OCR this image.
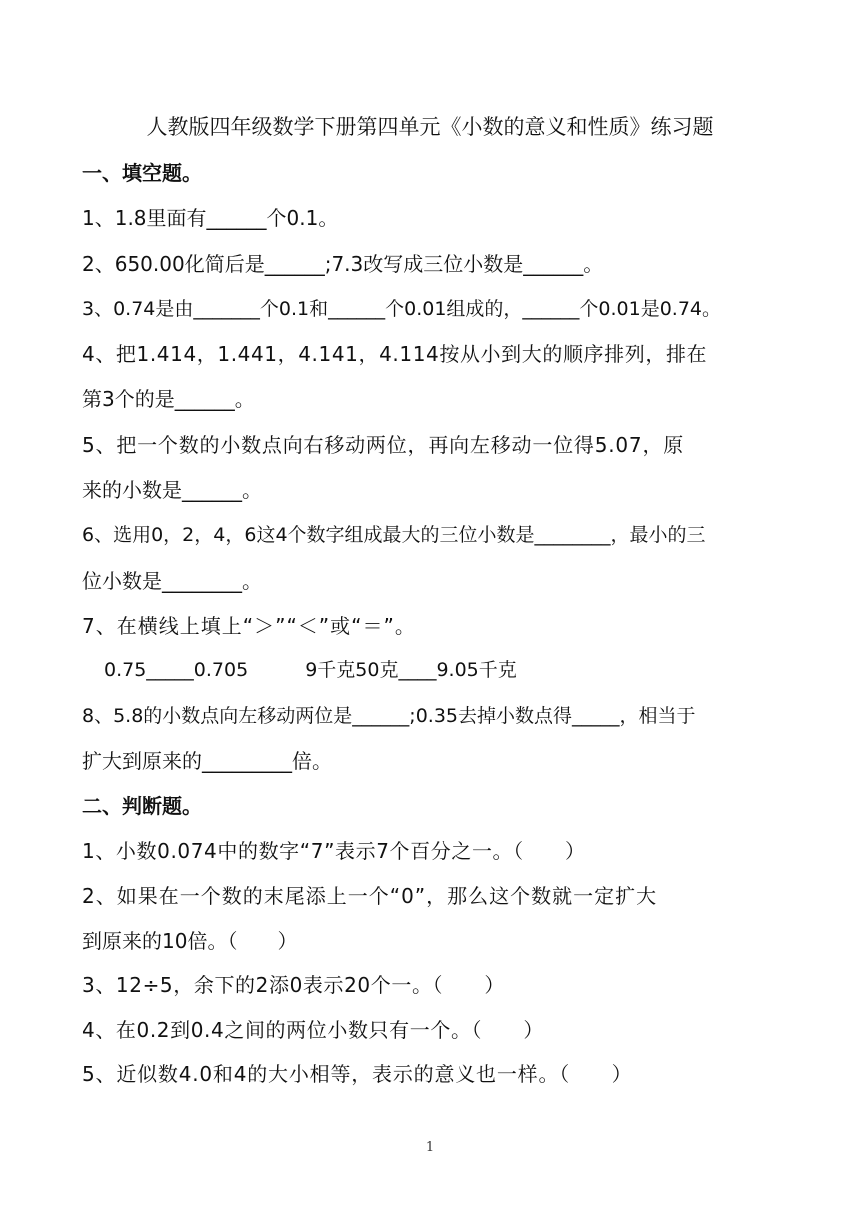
人教版四年级数学下册第四单元《小数的意义和性质》练习题
一、填空题。
1、1.8里面有______个0.1。
2、650.00化简后是______;7.3改写成三位小数是______。
3、0.74是由_______个0.1和______个0.01组成的，______个0.01是0.74。
4、把1.414，1.441，4.141，4.114按从小到大的顺序排列，排在
第3个的是______。
5、把一个数的小数点向右移动两位，再向左移动一位得5.07，原
来的小数是______。
6、选用0，2，4，6这4个数字组成最大的三位小数是________，最小的三
位小数是________。
7、在横线上填上“＞”“＜”或“＝”。
0.75_____0.705　　　9千克50克____9.05千克
8、5.8的小数点向左移动两位是______;0.35去掉小数点得_____，相当于
扩大到原来的_________倍。
二、判断题。
1、小数0.074中的数字“7”表示7个百分之一。（　　）
2、如果在一个数的末尾添上一个“0”，那么这个数就一定扩大
到原来的10倍。（　　）
3、12÷5，余下的2添0表示20个一。（　　）
4、在0.2到0.4之间的两位小数只有一个。（　　）
5、近似数4.0和4的大小相等，表示的意义也一样。（　　）
1
